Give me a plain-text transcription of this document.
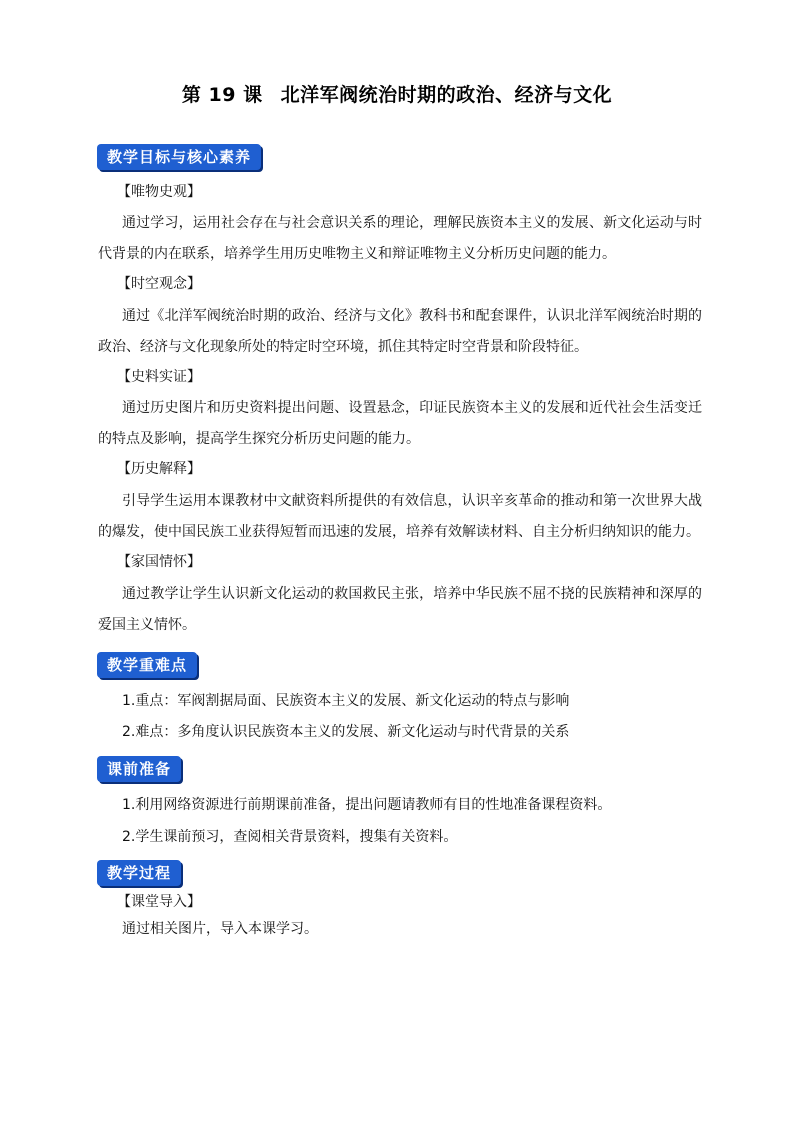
第 19 课 北洋军阀统治时期的政治、经济与文化
教学目标与核心素养
【唯物史观】
通过学习，运用社会存在与社会意识关系的理论，理解民族资本主义的发展、新文化运动与时代背景的内在联系，培养学生用历史唯物主义和辩证唯物主义分析历史问题的能力。
【时空观念】
通过《北洋军阀统治时期的政治、经济与文化》教科书和配套课件，认识北洋军阀统治时期的政治、经济与文化现象所处的特定时空环境，抓住其特定时空背景和阶段特征。
【史料实证】
通过历史图片和历史资料提出问题、设置悬念，印证民族资本主义的发展和近代社会生活变迁的特点及影响，提高学生探究分析历史问题的能力。
【历史解释】
引导学生运用本课教材中文献资料所提供的有效信息，认识辛亥革命的推动和第一次世界大战的爆发，使中国民族工业获得短暂而迅速的发展，培养有效解读材料、自主分析归纳知识的能力。
【家国情怀】
通过教学让学生认识新文化运动的救国救民主张，培养中华民族不屈不挠的民族精神和深厚的爱国主义情怀。
教学重难点
1.重点：军阀割据局面、民族资本主义的发展、新文化运动的特点与影响
2.难点：多角度认识民族资本主义的发展、新文化运动与时代背景的关系
课前准备
1.利用网络资源进行前期课前准备，提出问题请教师有目的性地准备课程资料。
2.学生课前预习，查阅相关背景资料，搜集有关资料。
教学过程
【课堂导入】
通过相关图片，导入本课学习。
